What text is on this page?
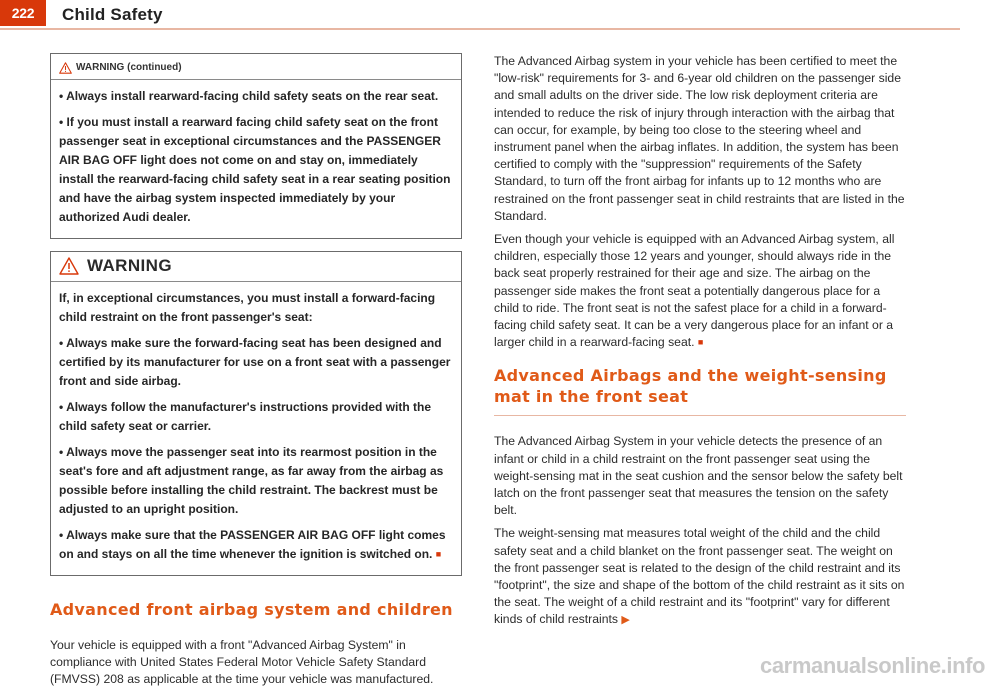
222	Child Safety
WARNING (continued)

• Always install rearward-facing child safety seats on the rear seat.

• If you must install a rearward facing child safety seat on the front passenger seat in exceptional circumstances and the PASSENGER AIR BAG OFF light does not come on and stay on, immediately install the rearward-facing child safety seat in a rear seating position and have the airbag system inspected immediately by your authorized Audi dealer.

WARNING

If, in exceptional circumstances, you must install a forward-facing child restraint on the front passenger's seat:

• Always make sure the forward-facing seat has been designed and certified by its manufacturer for use on a front seat with a passenger front and side airbag.

• Always follow the manufacturer's instructions provided with the child safety seat or carrier.

• Always move the passenger seat into its rearmost position in the seat's fore and aft adjustment range, as far away from the airbag as possible before installing the child restraint. The backrest must be adjusted to an upright position.

• Always make sure that the PASSENGER AIR BAG OFF light comes on and stays on all the time whenever the ignition is switched on. ■

Advanced front airbag system and children

Your vehicle is equipped with a front "Advanced Airbag System" in compliance with United States Federal Motor Vehicle Safety Standard (FMVSS) 208 as applicable at the time your vehicle was manufactured.

The Advanced Airbag system in your vehicle has been certified to meet the "low-risk" requirements for 3- and 6-year old children on the passenger side and small adults on the driver side. The low risk deployment criteria are intended to reduce the risk of injury through interaction with the airbag that can occur, for example, by being too close to the steering wheel and instrument panel when the airbag inflates. In addition, the system has been certified to comply with the "suppression" requirements of the Safety Standard, to turn off the front airbag for infants up to 12 months who are restrained on the front passenger seat in child restraints that are listed in the Standard.

Even though your vehicle is equipped with an Advanced Airbag system, all children, especially those 12 years and younger, should always ride in the back seat properly restrained for their age and size. The airbag on the passenger side makes the front seat a potentially dangerous place for a child to ride. The front seat is not the safest place for a child in a forward-facing child safety seat. It can be a very dangerous place for an infant or a larger child in a rearward-facing seat. ■

Advanced Airbags and the weight-sensing mat in the front seat

The Advanced Airbag System in your vehicle detects the presence of an infant or child in a child restraint on the front passenger seat using the weight-sensing mat in the seat cushion and the sensor below the safety belt latch on the front passenger seat that measures the tension on the safety belt.

The weight-sensing mat measures total weight of the child and the child safety seat and a child blanket on the front passenger seat. The weight on the front passenger seat is related to the design of the child restraint and its "footprint", the size and shape of the bottom of the child restraint as it sits on the seat. The weight of a child restraint and its "footprint" vary for different kinds of child restraints ▶

carmanualsonline.info
